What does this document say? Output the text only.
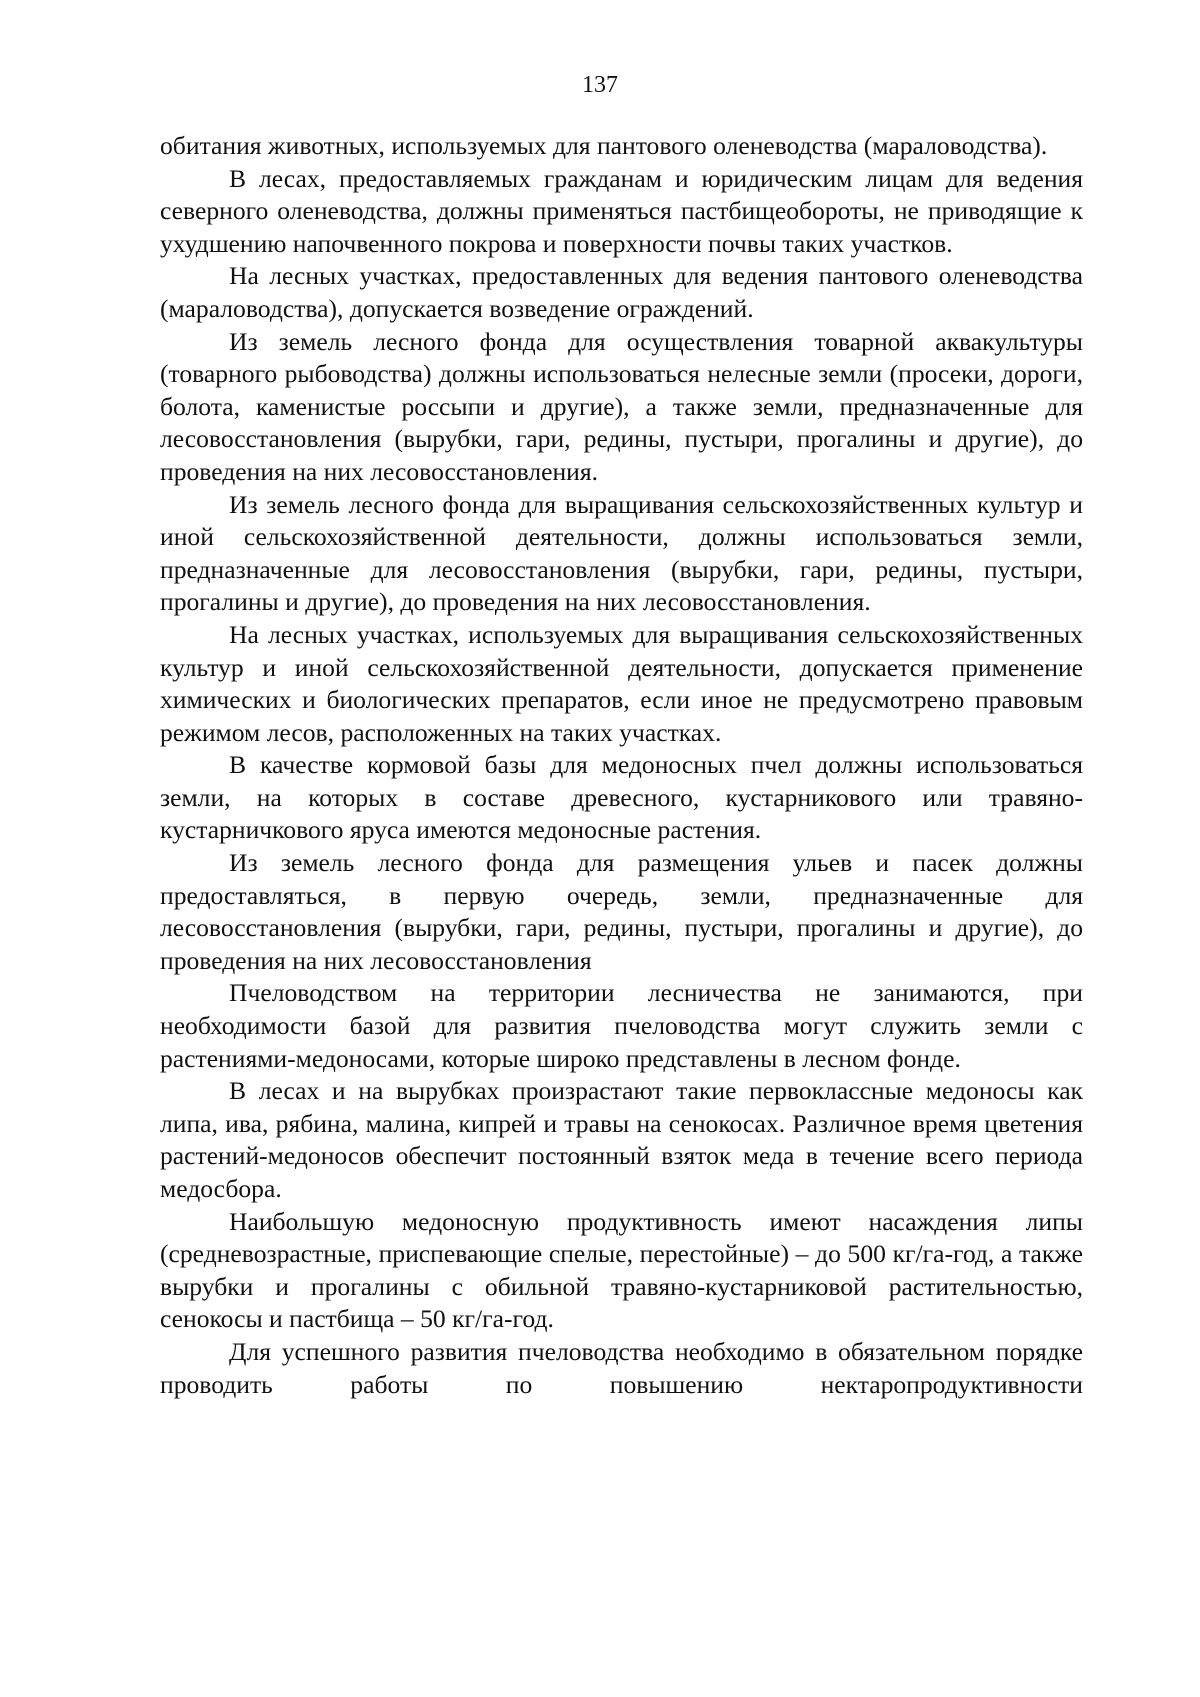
137

обитания животных, используемых для пантового оленеводства (мараловодства).

В лесах, предоставляемых гражданам и юридическим лицам для ведения северного оленеводства, должны применяться пастбищеобороты, не приводящие к ухудшению напочвенного покрова и поверхности почвы таких участков.

На лесных участках, предоставленных для ведения пантового оленеводства (мараловодства), допускается возведение ограждений.

Из земель лесного фонда для осуществления товарной аквакультуры (товарного рыбоводства) должны использоваться нелесные земли (просеки, дороги, болота, каменистые россыпи и другие), а также земли, предназначенные для лесовосстановления (вырубки, гари, редины, пустыри, прогалины и другие), до проведения на них лесовосстановления.

Из земель лесного фонда для выращивания сельскохозяйственных культур и иной сельскохозяйственной деятельности, должны использоваться земли, предназначенные для лесовосстановления (вырубки, гари, редины, пустыри, прогалины и другие), до проведения на них лесовосстановления.

На лесных участках, используемых для выращивания сельскохозяйственных культур и иной сельскохозяйственной деятельности, допускается применение химических и биологических препаратов, если иное не предусмотрено правовым режимом лесов, расположенных на таких участках.

В качестве кормовой базы для медоносных пчел должны использоваться земли, на которых в составе древесного, кустарникового или травяно-кустарничкового яруса имеются медоносные растения.

Из земель лесного фонда для размещения ульев и пасек должны предоставляться, в первую очередь, земли, предназначенные для лесовосстановления (вырубки, гари, редины, пустыри, прогалины и другие), до проведения на них лесовосстановления

Пчеловодством на территории лесничества не занимаются, при необходимости базой для развития пчеловодства могут служить земли с растениями-медоносами, которые широко представлены в лесном фонде.

В лесах и на вырубках произрастают такие первоклассные медоносы как липа, ива, рябина, малина, кипрей и травы на сенокосах. Различное время цветения растений-медоносов обеспечит постоянный взяток меда в течение всего периода медосбора.

Наибольшую медоносную продуктивность имеют насаждения липы (средневозрастные, приспевающие спелые, перестойные) – до 500 кг/га-год, а также вырубки и прогалины с обильной травяно-кустарниковой растительностью, сенокосы и пастбища – 50 кг/га-год.

Для успешного развития пчеловодства необходимо в обязательном порядке проводить работы по повышению нектаропродуктивности
